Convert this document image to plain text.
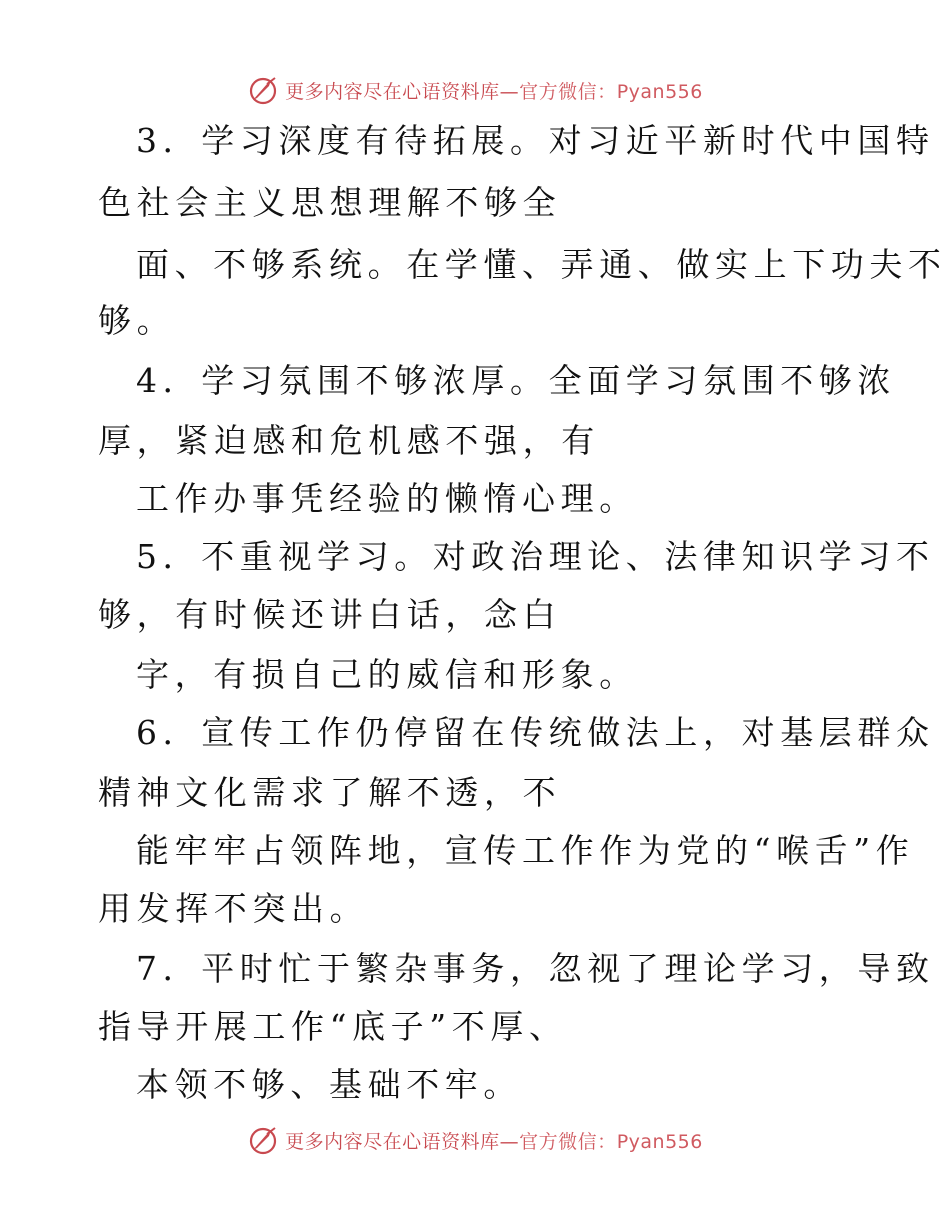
更多内容尽在心语资料库—官方微信：Pyan556
3．学习深度有待拓展。对习近平新时代中国特
色社会主义思想理解不够全
面、不够系统。在学懂、弄通、做实上下功夫不
够。
4．学习氛围不够浓厚。全面学习氛围不够浓
厚，紧迫感和危机感不强，有
工作办事凭经验的懒惰心理。
5．不重视学习。对政治理论、法律知识学习不
够，有时候还讲白话，念白
字，有损自己的威信和形象。
6．宣传工作仍停留在传统做法上，对基层群众
精神文化需求了解不透，不
能牢牢占领阵地，宣传工作作为党的“喉舌”作
用发挥不突出。
7．平时忙于繁杂事务，忽视了理论学习，导致
指导开展工作“底子”不厚、
本领不够、基础不牢。
更多内容尽在心语资料库—官方微信：Pyan556
